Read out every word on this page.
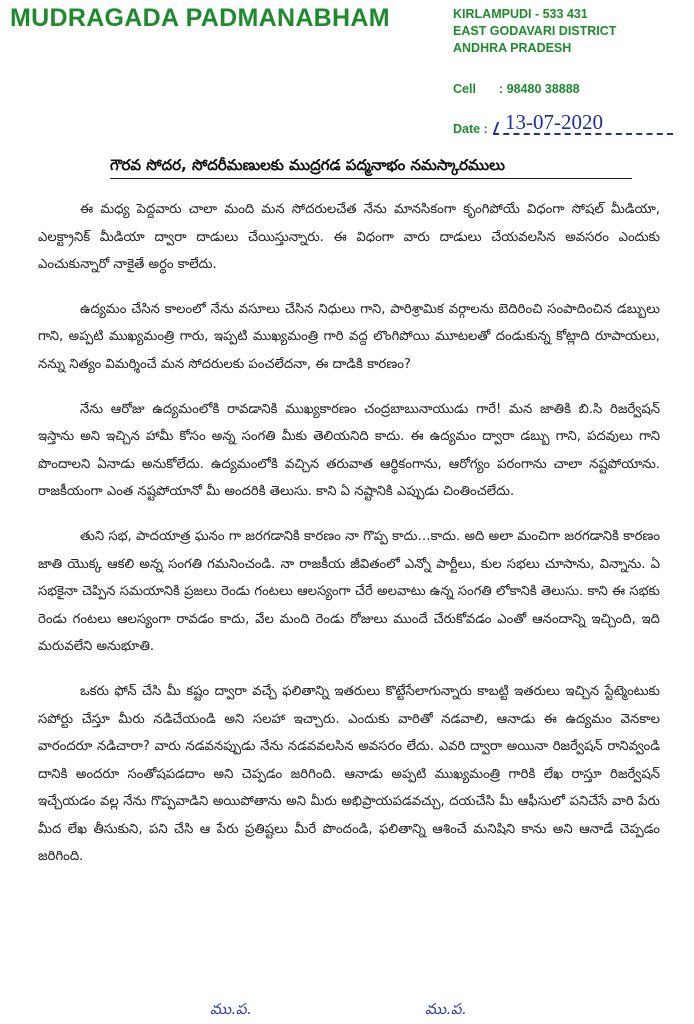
MUDRAGADA PADMANABHAM	KIRLAMPUDI - 533 431
EAST GODAVARI DISTRICT
ANDHRA PRADESH
Cell : 98480 38888
Date : 13-07-2020
గౌరవ సోదర, సోదరీమణులకు ముద్రగడ పద్మనాభం నమస్కారములు

ఈ మధ్య పెద్దవారు చాలా మంది మన సోదరులచేత నేను మానసికంగా కృంగిపోయే విధంగా సోషల్ మీడియా, ఎలక్ట్రానిక్ మీడియా ద్వారా దాడులు చేయిస్తున్నారు. ఈ విధంగా వారు దాడులు చేయవలసిన అవసరం ఎందుకు ఎంచుకున్నారో నాకైతే అర్థం కాలేదు.

ఉద్యమం చేసిన కాలంలో నేను వసూలు చేసిన నిధులు గాని, పారిశ్రామిక వర్గాలను బెదిరించి సంపాదించిన డబ్బులు గాని, అప్పటి ముఖ్యమంత్రి గారు, ఇప్పటి ముఖ్యమంత్రి గారి వద్ద లొంగిపోయి మూటలతో దండుకున్న కోట్లాది రూపాయలు, నన్ను నిత్యం విమర్శించే మన సోదరులకు పంచలేదనా, ఈ దాడికి కారణం?

నేను ఆరోజు ఉద్యమంలోకి రావడానికి ముఖ్యకారణం చంద్రబాబునాయుడు గారే! మన జాతికి బి.సి రిజర్వేషన్ ఇస్తాను అని ఇచ్చిన హామీ కోసం అన్న సంగతి మీకు తెలియనిది కాదు. ఈ ఉద్యమం ద్వారా డబ్బు గాని, పదవులు గాని పొందాలని ఏనాడు అనుకోలేదు. ఉద్యమంలోకి వచ్చిన తరువాత ఆర్థికంగాను, ఆరోగ్యం పరంగాను చాలా నష్టపోయాను. రాజకీయంగా ఎంత నష్టపోయానో మీ అందరికి తెలుసు. కాని ఏ నష్టానికి ఎప్పుడు చింతించలేదు.

తుని సభ, పాదయాత్ర ఘనం గా జరగడానికి కారణం నా గొప్ప కాదు…కాదు. అది అలా మంచిగా జరగడానికి కారణం జాతి యొక్క ఆకలి అన్న సంగతి గమనించండి. నా రాజకీయ జీవితంలో ఎన్నో పార్టీలు, కుల సభలు చూసాను, విన్నాను. ఏ సభకైనా చెప్పిన సమయానికి ప్రజలు రెండు గంటలు ఆలస్యంగా చేరే అలవాటు ఉన్న సంగతి లోకానికి తెలుసు. కాని ఈ సభకు రెండు గంటలు ఆలస్యంగా రావడం కాదు, వేల మంది రెండు రోజులు ముందే చేరుకోవడం ఎంతో ఆనందాన్ని ఇచ్చింది, ఇది మరువలేని అనుభూతి.

ఒకరు ఫోన్ చేసి మీ కష్టం ద్వారా వచ్చే ఫలితాన్ని ఇతరులు కొట్టేసేలాగున్నారు కాబట్టి ఇతరులు ఇచ్చిన స్టేట్మెంటుకు సపోర్టు చేస్తూ మీరు నడిచేయండి అని సలహా ఇచ్చారు. ఎందుకు వారితో నడవాలి, ఆనాడు ఈ ఉద్యమం వెనకాల వారందరూ నడిచారా? వారు నడవనప్పుడు నేను నడవవలసిన అవసరం లేదు. ఎవరి ద్వారా అయినా రిజర్వేషన్ రానివ్వండి దానికి అందరూ సంతోషపడదాం అని చెప్పడం జరిగింది. ఆనాడు అప్పటి ముఖ్యమంత్రి గారికి లేఖ రాస్తూ రిజర్వేషన్ ఇచ్చేయడం వల్ల నేను గొప్పవాడిని అయిపోతాను అని మీరు అభిప్రాయపడవచ్చు, దయచేసి మీ ఆఫీసులో పనిచేసే వారి పేరు మీద లేఖ తీసుకుని, పని చేసి ఆ పేరు ప్రతిష్టలు మీరే పొందండి, ఫలితాన్ని ఆశించే మనిషిని కాను అని ఆనాడే చెప్పడం జరిగింది.

ము.ప.	ము.ప.
